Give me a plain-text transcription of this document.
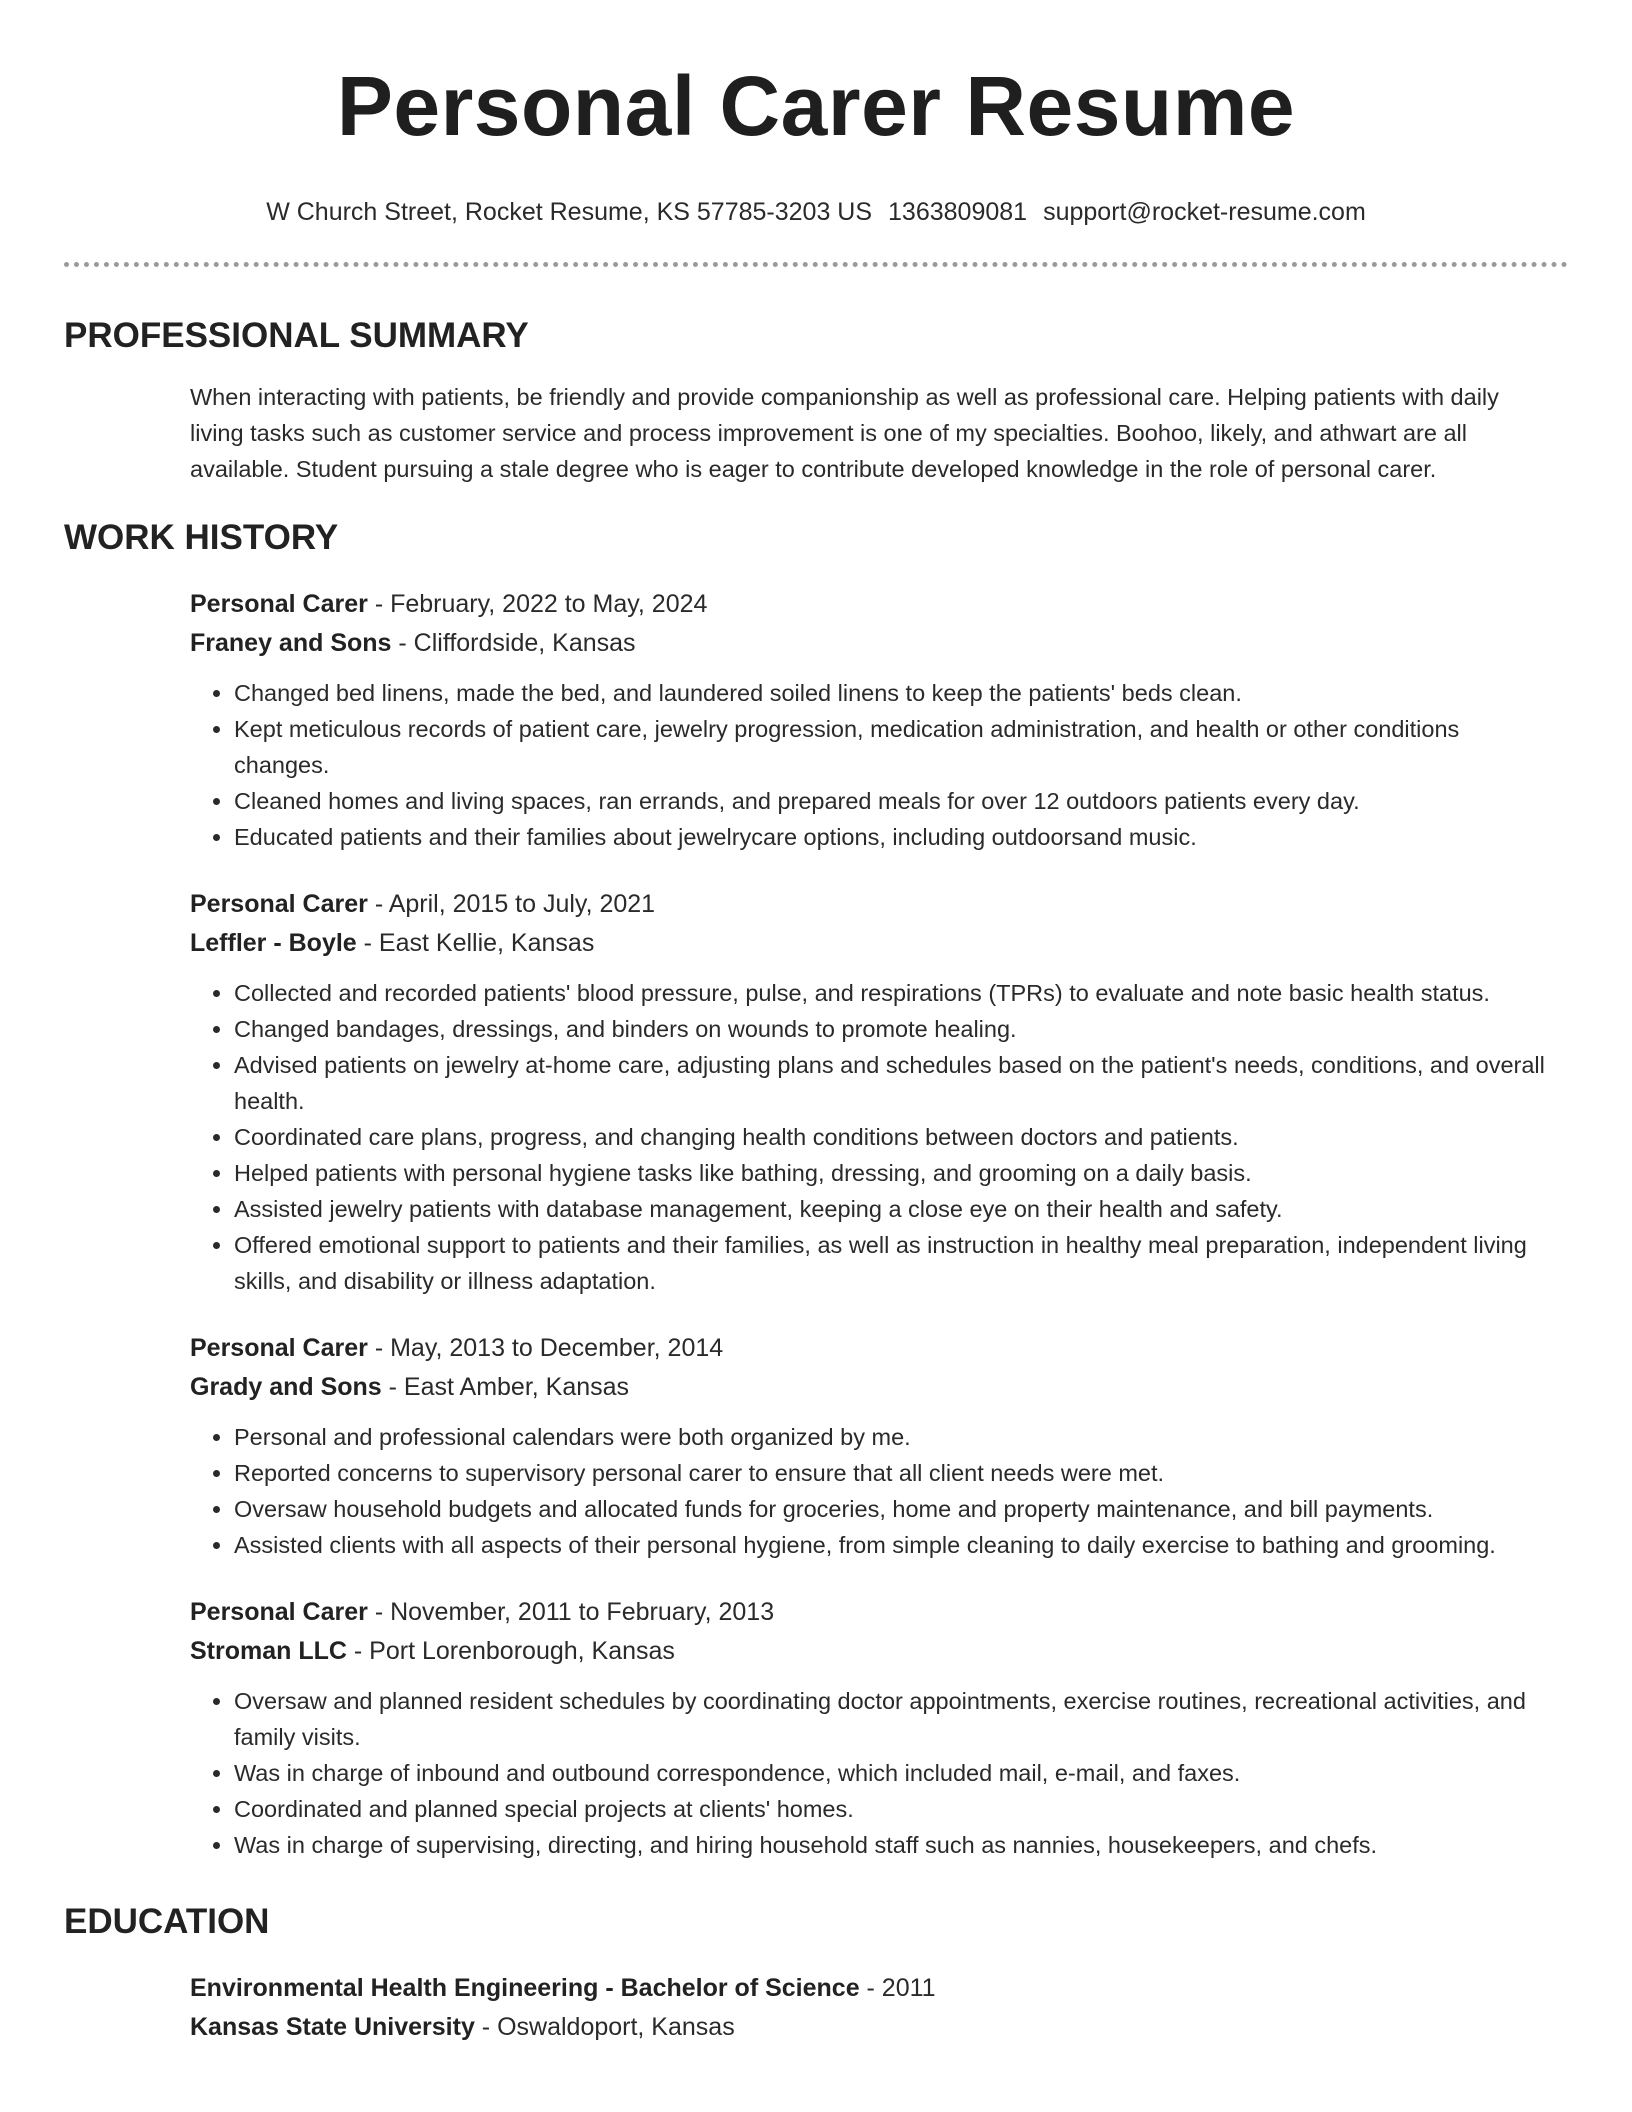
Personal Carer Resume
W Church Street, Rocket Resume, KS 57785-3203 US 1363809081 support@rocket-resume.com
PROFESSIONAL SUMMARY

When interacting with patients, be friendly and provide companionship as well as professional care. Helping patients with daily living tasks such as customer service and process improvement is one of my specialties. Boohoo, likely, and athwart are all available. Student pursuing a stale degree who is eager to contribute developed knowledge in the role of personal carer.

WORK HISTORY
Personal Carer - February, 2022 to May, 2024
Franey and Sons - Cliffordside, Kansas
• Changed bed linens, made the bed, and laundered soiled linens to keep the patients' beds clean.
• Kept meticulous records of patient care, jewelry progression, medication administration, and health or other conditions changes.
• Cleaned homes and living spaces, ran errands, and prepared meals for over 12 outdoors patients every day.
• Educated patients and their families about jewelrycare options, including outdoorsand music.
Personal Carer - April, 2015 to July, 2021
Leffler - Boyle - East Kellie, Kansas
• Collected and recorded patients' blood pressure, pulse, and respirations (TPRs) to evaluate and note basic health status.
• Changed bandages, dressings, and binders on wounds to promote healing.
• Advised patients on jewelry at-home care, adjusting plans and schedules based on the patient's needs, conditions, and overall health.
• Coordinated care plans, progress, and changing health conditions between doctors and patients.
• Helped patients with personal hygiene tasks like bathing, dressing, and grooming on a daily basis.
• Assisted jewelry patients with database management, keeping a close eye on their health and safety.
• Offered emotional support to patients and their families, as well as instruction in healthy meal preparation, independent living skills, and disability or illness adaptation.
Personal Carer - May, 2013 to December, 2014
Grady and Sons - East Amber, Kansas
• Personal and professional calendars were both organized by me.
• Reported concerns to supervisory personal carer to ensure that all client needs were met.
• Oversaw household budgets and allocated funds for groceries, home and property maintenance, and bill payments.
• Assisted clients with all aspects of their personal hygiene, from simple cleaning to daily exercise to bathing and grooming.
Personal Carer - November, 2011 to February, 2013
Stroman LLC - Port Lorenborough, Kansas
• Oversaw and planned resident schedules by coordinating doctor appointments, exercise routines, recreational activities, and family visits.
• Was in charge of inbound and outbound correspondence, which included mail, e-mail, and faxes.
• Coordinated and planned special projects at clients' homes.
• Was in charge of supervising, directing, and hiring household staff such as nannies, housekeepers, and chefs.
EDUCATION
Environmental Health Engineering - Bachelor of Science - 2011
Kansas State University - Oswaldoport, Kansas
